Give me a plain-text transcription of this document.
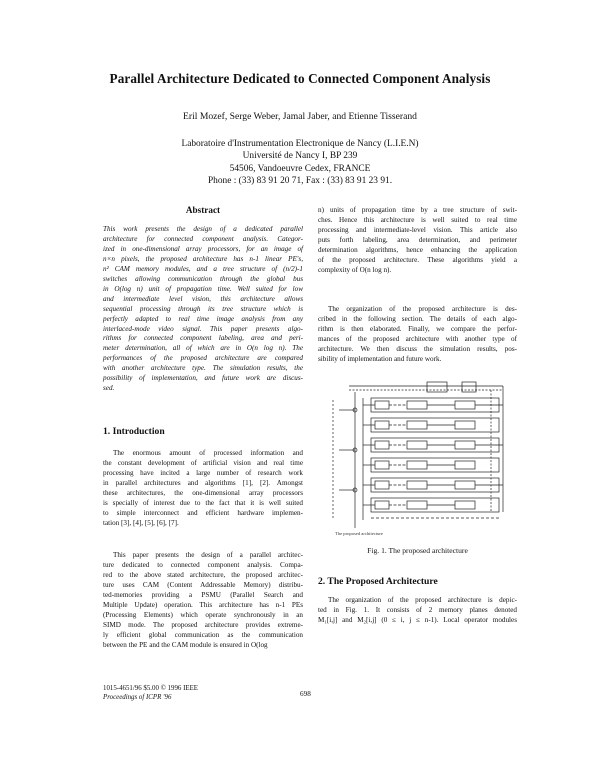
Parallel Architecture Dedicated to Connected Component Analysis
Eril Mozef, Serge Weber, Jamal Jaber, and Etienne Tisserand
Laboratoire d'Instrumentation Electronique de Nancy (L.I.E.N)
Université de Nancy I, BP 239
54506, Vandoeuvre Cedex, FRANCE
Phone : (33) 83 91 20 71, Fax : (33) 83 91 23 91.
Abstract
This work presents the design of a dedicated parallel
architecture for connected component analysis. Categor-
ized in one-dimensional array processors, for an image of
n×n pixels, the proposed architecture has n-1 linear PE's,
n² CAM memory modules, and a tree structure of (n/2)-1
switches allowing communication through the global bus
in O(log n) unit of propagation time. Well suited for low
and intermediate level vision, this architecture allows
sequential processing through its tree structure which is
perfectly adapted to real time image analysis from any
interlaced-mode video signal. This paper presents algo-
rithms for connected component labeling, area and peri-
meter determination, all of which are in O(n log n). The
performances of the proposed architecture are compared
with another architecture type. The simulation results, the
possibility of implementation, and future work are discus-
sed.
1. Introduction
The enormous amount of processed information and
the constant development of artificial vision and real time
processing have incited a large number of research work
in parallel architectures and algorithms [1], [2]. Amongst
these architectures, the one-dimensional array processors
is specially of interest due to the fact that it is well suited
to simple interconnect and efficient hardware implemen-
tation [3], [4], [5], [6], [7].
This paper presents the design of a parallel architec-
ture dedicated to connected component analysis. Compa-
red to the above stated architecture, the proposed architec-
ture uses CAM (Content Addressable Memory) distribu-
ted-memories providing a PSMU (Parallel Search and
Multiple Update) operation. This architecture has n-1 PEs
(Processing Elements) which operate synchronously in an
SIMD mode. The proposed architecture provides extreme-
ly efficient global communication as the communication
between the PE and the CAM module is ensured in O(log
n) units of propagation time by a tree structure of swit-
ches. Hence this architecture is well suited to real time
processing and intermediate-level vision. This article also
puts forth labeling, area determination, and perimeter
determination algorithms, hence enhancing the application
of the proposed architecture. These algorithms yield a
complexity of O(n log n).
The organization of the proposed architecture is des-
cribed in the following section. The details of each algo-
rithm is then elaborated. Finally, we compare the perfor-
mances of the proposed architecture with another type of
architecture. We then discuss the simulation results, pos-
sibility of implementation and future work.
The proposed architecture
Fig. 1. The proposed architecture
2. The Proposed Architecture
The organization of the proposed architecture is depic-
ted in Fig. 1. It consists of 2 memory planes denoted
M₁[i,j] and M₂[i,j] (0 ≤ i, j ≤ n-1). Local operator modules
1015-4651/96 $5.00 © 1996 IEEE
Proceedings of ICPR '96	698
